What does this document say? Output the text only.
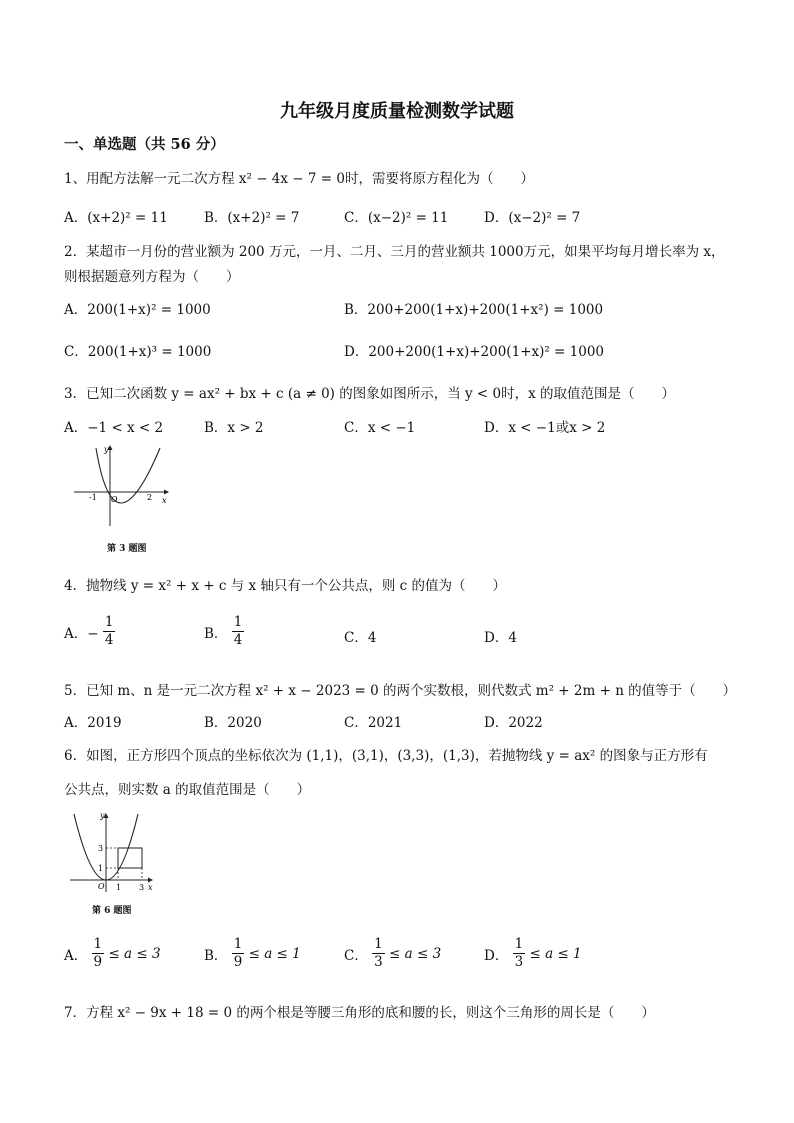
九年级月度质量检测数学试题
一、单选题（共 56 分）
1、用配方法解一元二次方程 x² − 4x − 7 = 0时，需要将原方程化为（　　）
A．(x+2)² = 11	B．(x+2)² = 7	C．(x−2)² = 11	D．(x−2)² = 7
2．某超市一月份的营业额为 200 万元，一月、二月、三月的营业额共 1000万元，如果平均每月增长率为 x，
则根据题意列方程为（　　）
A．200(1+x)² = 1000	B．200+200(1+x)+200(1+x²) = 1000
C．200(1+x)³ = 1000	D．200+200(1+x)+200(1+x)² = 1000
3．已知二次函数 y = ax² + bx + c (a ≠ 0) 的图象如图所示，当 y < 0时，x 的取值范围是（　　）
A．−1 < x < 2	B．x > 2	C．x < −1	D．x < −1或x > 2
y
x
-1 O	2
第 3 题图
4．抛物线 y = x² + x + c 与 x 轴只有一个公共点，则 c 的值为（　　）
A．− $\frac{1}{4}$	B． $\frac{1}{4}$	C．4	D．4
5．已知 m、n 是一元二次方程 x² + x − 2023 = 0 的两个实数根，则代数式 m² + 2m + n 的值等于（　　）
A．2019	B．2020	C．2021	D．2022
6．如图，正方形四个顶点的坐标依次为 (1,1)，(3,1)，(3,3)，(1,3)，若抛物线 y = ax² 的图象与正方形有
公共点，则实数 a 的取值范围是（　　）
y
x
3
1
O 1 3
第 6 题图
A． $\frac{1}{9} \le a \le 3$	B． $\frac{1}{9} \le a \le 1$	C． $\frac{1}{3} \le a \le 3$	D． $\frac{1}{3} \le a \le 1$
7．方程 x² − 9x + 18 = 0 的两个根是等腰三角形的底和腰的长，则这个三角形的周长是（　　）
